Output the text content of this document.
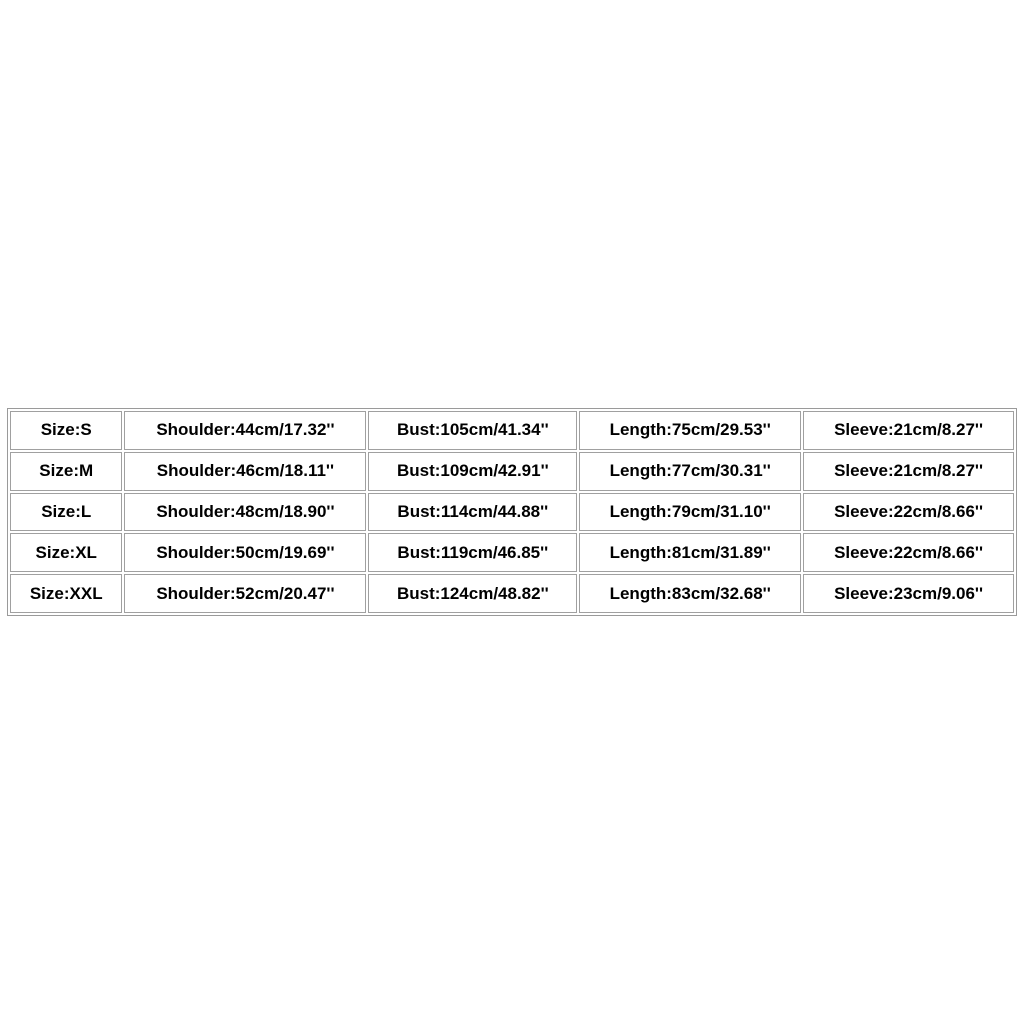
Size:S	Shoulder:44cm/17.32''	Bust:105cm/41.34''	Length:75cm/29.53''	Sleeve:21cm/8.27''
Size:M	Shoulder:46cm/18.11''	Bust:109cm/42.91''	Length:77cm/30.31''	Sleeve:21cm/8.27''
Size:L	Shoulder:48cm/18.90''	Bust:114cm/44.88''	Length:79cm/31.10''	Sleeve:22cm/8.66''
Size:XL	Shoulder:50cm/19.69''	Bust:119cm/46.85''	Length:81cm/31.89''	Sleeve:22cm/8.66''
Size:XXL	Shoulder:52cm/20.47''	Bust:124cm/48.82''	Length:83cm/32.68''	Sleeve:23cm/9.06''
